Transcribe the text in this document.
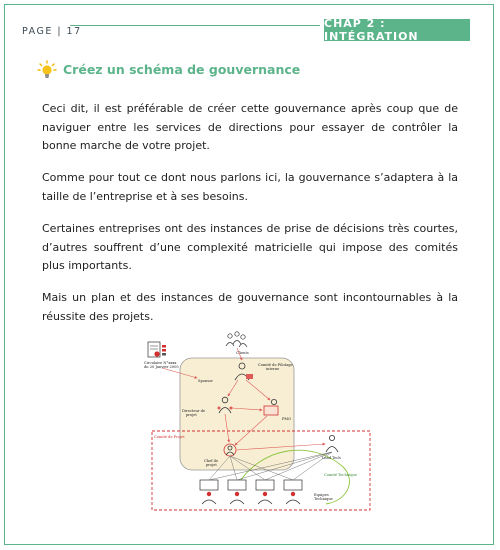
PAGE | 17
CHAP 2 : INTÉGRATION
Créez un schéma de gouvernance

Ceci dit, il est préférable de créer cette gouvernance après coup que de naviguer entre les services de directions pour essayer de contrôler la bonne marche de votre projet.

Comme pour tout ce dont nous parlons ici, la gouvernance s’adaptera à la taille de l’entreprise et à ses besoins.

Certaines entreprises ont des instances de prise de décisions très courtes, d’autres souffrent d’une complexité matricielle qui impose des comités plus importants.

Mais un plan et des instances de gouvernance sont incontournables à la réussite des projets.

Circulaire N°xxxx
du 20 Janvier 2005
Clients
Comité de Pilotage
interne
Sponsor
Directeur de
projet
PMO
Comité de Projet
Chef de
projet
Lead Tech
Comité Technique
Equipes
Technique
